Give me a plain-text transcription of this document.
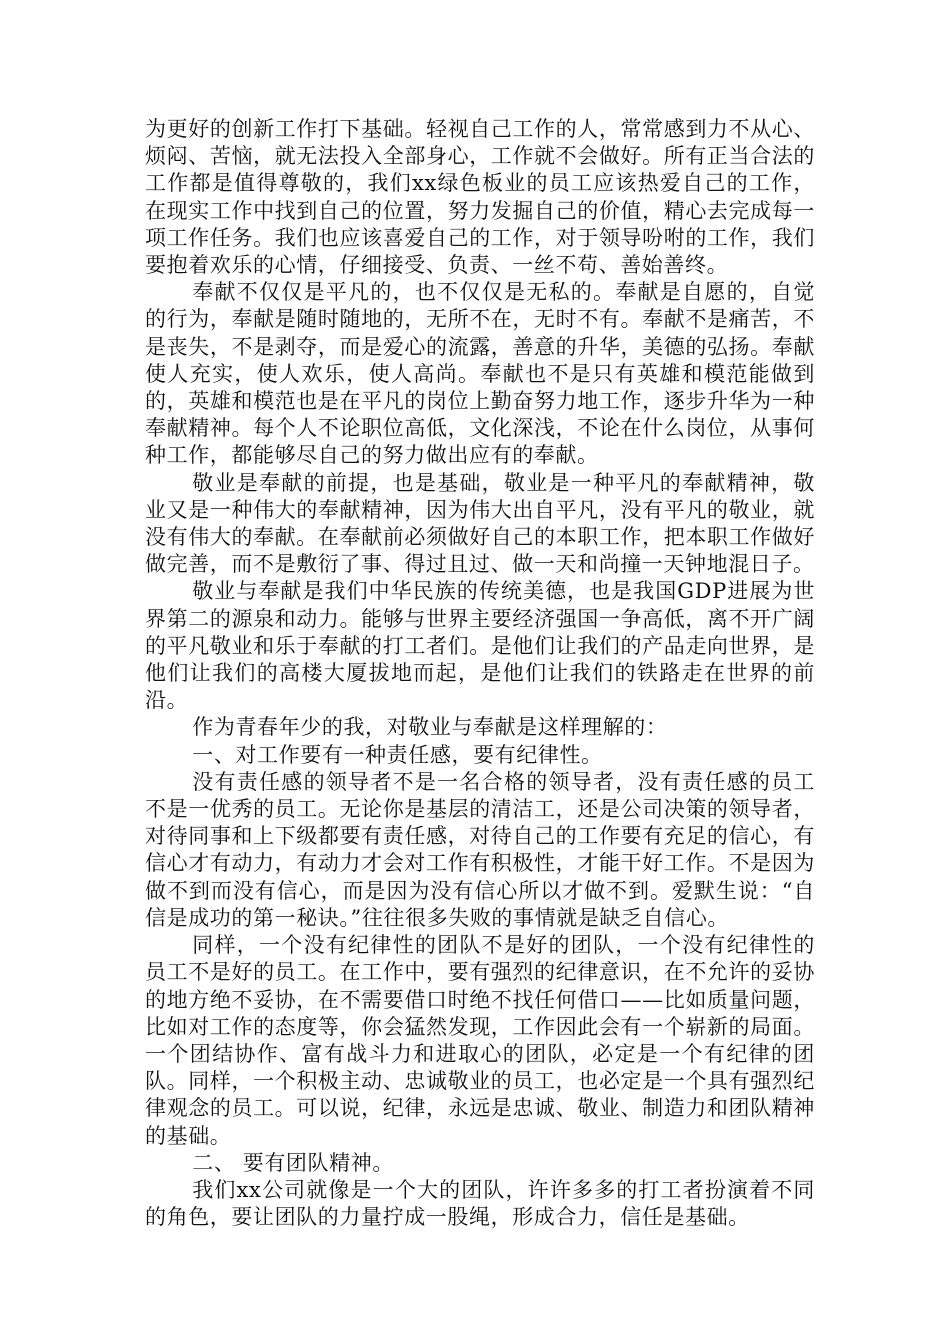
为更好的创新工作打下基础。轻视自己工作的人，常常感到力不从心、烦闷、苦恼，就无法投入全部身心，工作就不会做好。所有正当合法的工作都是值得尊敬的，我们xx绿色板业的员工应该热爱自己的工作，在现实工作中找到自己的位置，努力发掘自己的价值，精心去完成每一项工作任务。我们也应该喜爱自己的工作，对于领导吩咐的工作，我们要抱着欢乐的心情，仔细接受、负责、一丝不苟、善始善终。

奉献不仅仅是平凡的，也不仅仅是无私的。奉献是自愿的，自觉的行为，奉献是随时随地的，无所不在，无时不有。奉献不是痛苦，不是丧失，不是剥夺，而是爱心的流露，善意的升华，美德的弘扬。奉献使人充实，使人欢乐，使人高尚。奉献也不是只有英雄和模范能做到的，英雄和模范也是在平凡的岗位上勤奋努力地工作，逐步升华为一种奉献精神。每个人不论职位高低，文化深浅，不论在什么岗位，从事何种工作，都能够尽自己的努力做出应有的奉献。

敬业是奉献的前提，也是基础，敬业是一种平凡的奉献精神，敬业又是一种伟大的奉献精神，因为伟大出自平凡，没有平凡的敬业，就没有伟大的奉献。在奉献前必须做好自己的本职工作，把本职工作做好做完善，而不是敷衍了事、得过且过、做一天和尚撞一天钟地混日子。

敬业与奉献是我们中华民族的传统美德，也是我国GDP进展为世界第二的源泉和动力。能够与世界主要经济强国一争高低，离不开广阔的平凡敬业和乐于奉献的打工者们。是他们让我们的产品走向世界，是他们让我们的高楼大厦拔地而起，是他们让我们的铁路走在世界的前沿。

作为青春年少的我，对敬业与奉献是这样理解的：

一、对工作要有一种责任感，要有纪律性。

没有责任感的领导者不是一名合格的领导者，没有责任感的员工不是一优秀的员工。无论你是基层的清洁工，还是公司决策的领导者，对待同事和上下级都要有责任感，对待自己的工作要有充足的信心，有信心才有动力，有动力才会对工作有积极性，才能干好工作。不是因为做不到而没有信心，而是因为没有信心所以才做不到。爱默生说：“自信是成功的第一秘诀。”往往很多失败的事情就是缺乏自信心。

同样，一个没有纪律性的团队不是好的团队，一个没有纪律性的员工不是好的员工。在工作中，要有强烈的纪律意识，在不允许的妥协的地方绝不妥协，在不需要借口时绝不找任何借口——比如质量问题，比如对工作的态度等，你会猛然发现，工作因此会有一个崭新的局面。一个团结协作、富有战斗力和进取心的团队，必定是一个有纪律的团队。同样，一个积极主动、忠诚敬业的员工，也必定是一个具有强烈纪律观念的员工。可以说，纪律，永远是忠诚、敬业、制造力和团队精神的基础。

二、 要有团队精神。

我们xx公司就像是一个大的团队，许许多多的打工者扮演着不同的角色，要让团队的力量拧成一股绳，形成合力，信任是基础。
